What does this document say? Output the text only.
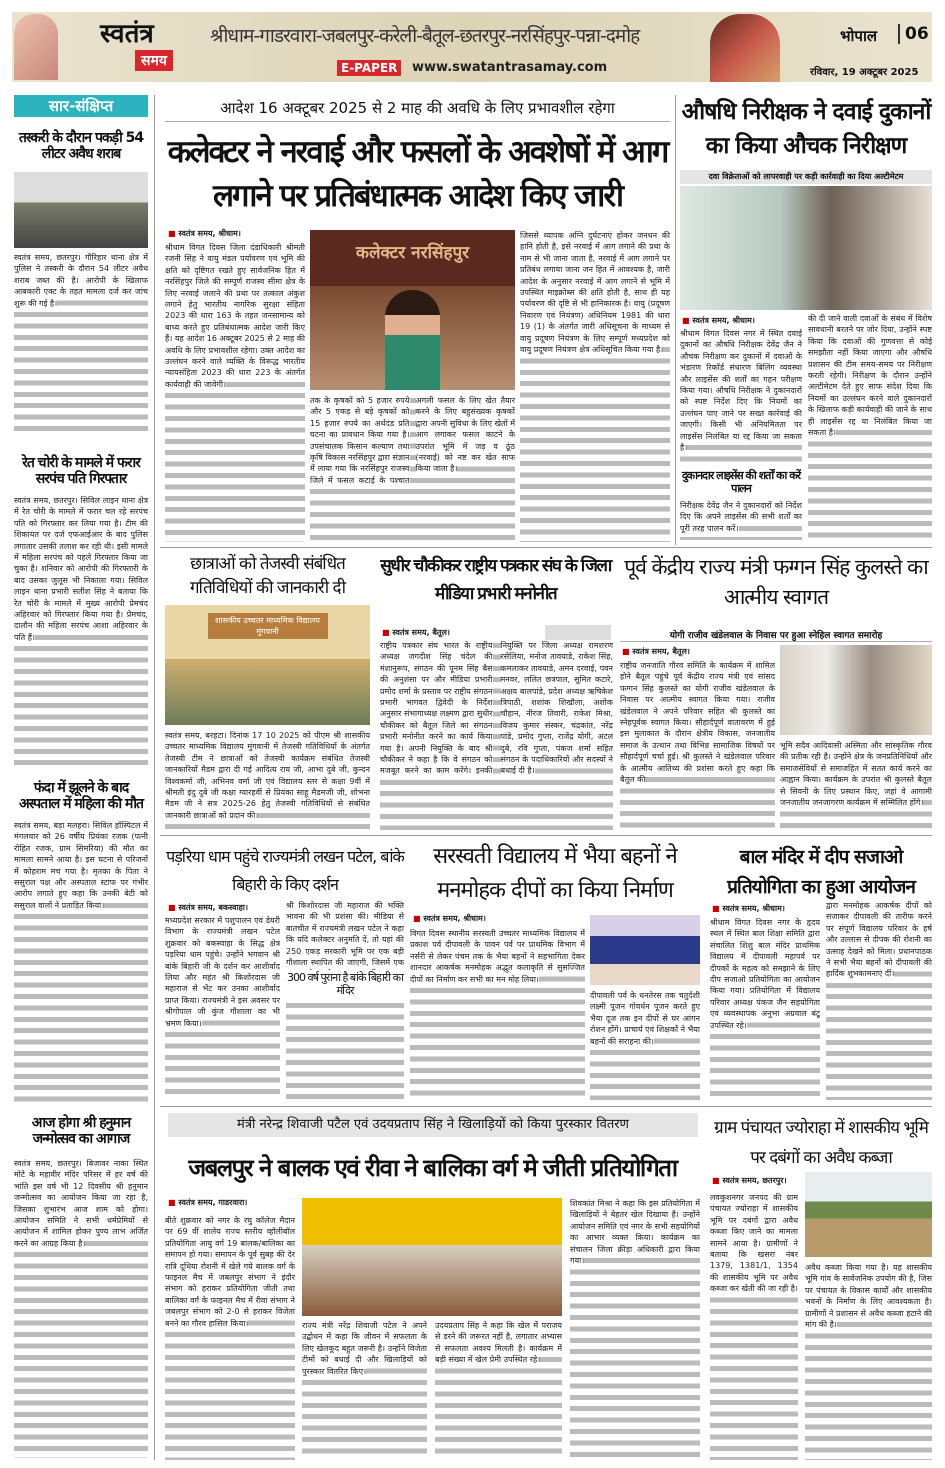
स्वतंत्र
समय
श्रीधाम-गाडरवारा-जबलपुर-करेली-बैतूल-छतरपुर-नरसिंहपुर-पन्ना-दमोह
E-PAPER	www.swatantrasamay.com
भोपाल	06
रविवार, 19 अक्टूबर 2025
सार-संक्षिप्त
तस्करी के दौरान पकड़ी 54 लीटर अवैध शराब
स्वतंत्र समय, छतरपुर। गौरिहार थाना क्षेत्र में पुलिस ने तस्करी के दौरान 54 लीटर अवैध शराब जब्त की है। आरोपी के खिलाफ आबकारी एक्ट के तहत मामला दर्ज कर जांच शुरू की गई है।
रेत चोरी के मामले में फरार सरपंच पति गिरफ्तार
स्वतंत्र समय, छतरपुर। सिविल लाइन थाना क्षेत्र में रेत चोरी के मामले में फरार चल रहे सरपंच पति को गिरफ्तार कर लिया गया है। टीम की शिकायत पर दर्ज एफआईआर के बाद पुलिस लगातार उसकी तलाश कर रही थी। इसी मामले में महिला सरपंच को पहले गिरफ्तार किया जा चुका है। शनिवार को आरोपी की गिरफ्तारी के बाद उसका जुलूस भी निकाला गया। सिविल लाइन थाना प्रभारी सतीश सिंह ने बताया कि रेत चोरी के मामले में मुख्य आरोपी प्रेमचंद अहिरवार को गिरफ्तार किया गया है। प्रेमचंद, दालौन की महिला सरपंच आशा अहिरवार के पति हैं।
फंदा में झूलने के बाद अस्पताल में महिला की मौत
स्वतंत्र समय, बड़ा मलहरा। सिविल हॉस्पिटल में मंगलवार को 26 वर्षीय प्रियंका रजक (पत्नी रोहित रजक, ग्राम सिमरिया) की मौत का मामला सामने आया है। इस घटना से परिजनों में कोहराम मच गया है। मृतका के पिता ने ससुराल पक्ष और अस्पताल स्टाफ पर गंभीर आरोप लगाते हुए कहा कि उनकी बेटी को ससुराल वालों ने प्रताड़ित किया।
आज होगा श्री हनुमान जन्मोत्सव का आगाज
स्वतंत्र समय, छतरपुर। बिजावर नाका स्थित मोटे के महावीर मंदिर परिसर में हर वर्ष की भांति इस वर्ष भी 12 दिवसीय श्री हनुमान जन्मोत्सव का आयोजन किया जा रहा है, जिसका शुभारंभ आज शाम को होगा। आयोजन समिति ने सभी धर्मप्रेमियों से आयोजन में शामिल होकर पुण्य लाभ अर्जित करने का आग्रह किया है।
आदेश 16 अक्टूबर 2025 से 2 माह की अवधि के लिए प्रभावशील रहेगा
कलेक्टर ने नरवाई और फसलों के अवशेषों में आग लगाने पर प्रतिबंधात्मक आदेश किए जारी
■ स्वतंत्र समय, श्रीधाम।
श्रीधाम विगत दिवस जिला दंडाधिकारी श्रीमती रजनी सिंह ने वायु मंडल पर्यावरण एवं भूमि की क्षति को दृष्टिगत रखते हुए सार्वजनिक हित में नरसिंहपुर जिले की सम्पूर्ण राजस्व सीमा क्षेत्र के लिए नरवाई जलाने की प्रथा पर तत्काल अंकुश लगाने हेतु भारतीय नागरिक सुरक्षा संहिता 2023 की धारा 163 के तहत जनसामान्य को बाध्य करते हुए प्रतिबंधात्मक आदेश जारी किए हैं। यह आदेश 16 अक्टूबर 2025 से 2 माह की अवधि के लिए प्रभावशील रहेगा। उक्त आदेश का उल्लंघन करने वाले व्यक्ति के विरूद्ध भारतीय न्यायसंहिता 2023 की धारा 223 के अंतर्गत कार्यवाही की जावेगी।
कलेक्टर नरसिंहपुर
तक के कृषकों को 5 हजार रुपये और 5 एकड़ से बड़े कृषकों को 15 हजार रुपये का अर्थदंड प्रति घटना का प्रावधान किया गया है। उपसंचालक किसान कल्याण तथा कृषि विकास नरसिंहपुर द्वारा संज्ञान में लाया गया कि नरसिंहपुर राजस्व जिले में फसल कटाई के पश्चात अगली फसल के लिए खेत तैयार करने के लिए बहुसंख्यक कृषकों द्वारा अपनी सुविधा के लिए खेतों में आग लगाकर फसल काटने के उपरांत भूमि में जड़ व ठूंठ (नरवाई) को नष्ट कर खेत साफ किया जाता है।
जिससे व्यापक अग्नि दुर्घटनाएं होकर जनधन की हानि होती है, इसे नरवाई में आग लगाने की प्रथा के नाम से भी जाना जाता है, नरवाई में आग लगाने पर प्रतिबंध लगाया जाना जन हित में आवश्यक है, जारी आदेश के अनुसार नरवाई में आग लगाने से भूमि में उपस्थित माइक्रोब्स की क्षति होती है, साथ ही यह पर्यावरण की दृष्टि से भी हानिकारक है। वायु (प्रदूषण निवारण एवं नियंत्रण) अधिनियम 1981 की धारा 19 (1) के अंतर्गत जारी अधिसूचना के माध्यम से वायु प्रदूषण नियंत्रण के लिए सम्पूर्ण मध्यप्रदेश को वायु प्रदूषण नियंत्रण क्षेत्र अधिसूचित किया गया है।
औषधि निरीक्षक ने दवाई दुकानों का किया औचक निरीक्षण
दवा विक्रेताओं को लापरवाही पर कड़ी कार्रवाही का दिया अल्टीमेटम
■ स्वतंत्र समय, श्रीधाम।
श्रीधाम विगत दिवस नगर में स्थित दवाई दुकानों का औषधि निरीक्षक देवेंद्र जैन ने औचक निरीक्षण कर दुकानों में दवाओं के भंडारण रिकॉर्ड संधारण बिलिंग व्यवस्था और लाइसेंस की शर्तों का गहन परीक्षण किया गया। औषधि निरीक्षक ने दुकानदारों को स्पष्ट निर्देश दिए कि नियमों का उल्लंघन पाए जाने पर सख्त कार्रवाई की जाएगी। किसी भी अनियमितता पर लाइसेंस निलंबित या रद्द किया जा सकता है।
दुकानदार लाइसेंस की शर्तों का करें पालन
निरीक्षक देवेंद्र जैन ने दुकानदारों को निर्देश दिए कि अपने लाइसेंस की सभी शर्तों का पूरी तरह पालन करें।
की दी जाने वाली दवाओं के संबंध में विशेष सावधानी बरतने पर जोर दिया, उन्होंने स्पष्ट किया कि दवाओं की गुणवत्ता से कोई समझौता नहीं किया जाएगा और औषधि प्रशासन की टीम समय-समय पर निरीक्षण करती रहेगी। निरीक्षण के दौरान उन्होंने अल्टीमेटम देते हुए साफ संदेश दिया कि नियमों का उल्लंघन करने वाले दुकानदारों के खिलाफ कड़ी कार्यवाही की जाने के साथ ही लाइसेंस रद्द या निलंबित किया जा सकता है।
छात्राओं को तेजस्वी संबंधित गतिविधियों की जानकारी दी
शासकीय उच्चतर माध्यमिक विद्यालय मुंगवानी
स्वतंत्र समय, बरहटा। दिनांक 17 10 2025 को पीएम श्री शासकीय उच्चतर माध्यमिक विद्यालय मुंगवानी में तेजस्वी गतिविधियों के अंतर्गत तेजस्वी टीम ने छात्राओं को तेजस्वी कार्यक्रम संबंधित तेजस्वी जानकारियों मैडम द्वारा दी गई आदित्य राय जी, आभा दुबे जी, कुन्दन विश्वकर्मा जी, अभिनव वर्मा जी एवं विद्यालय स्तर से कक्षा 9वीं में श्रीमती इंदु दुबे जी कक्षा ग्यारहवीं से प्रियंका साहू मैडमजी जी, शोभना मैडम जी ने सत्र 2025-26 हेतु तेजस्वी गतिविधियों से संबंधित जानकारी छात्राओं को प्रदान की।
सुधीर चौकीकर राष्ट्रीय पत्रकार संघ के जिला मीडिया प्रभारी मनोनीत
■ स्वतंत्र समय, बैतूल।
राष्ट्रीय पत्रकार संघ भारत के राष्ट्रीय अध्यक्ष जगदीश सिंह चंदेल की मंशानुरूप, संगठन की पूनम सिंह बैस की अनुशंसा पर और मीडिया प्रभारी प्रमोद शर्मा के प्रस्ताव पर राष्ट्रीय संगठन प्रभारी भागवत द्विवेदी के निर्देश अनुसार संभागाध्यक्ष लक्ष्मण द्वारा सुधीर चौकीकर को बैतूल जिले का संगठन प्रभारी मनोनीत करने का कार्य किया गया है। अपनी नियुक्ति के बाद श्री चौकीकर ने कहा है कि वे संगठन को मजबूत करने का काम करेंगे। इनकी नियुक्ति पर जिला अध्यक्ष रामशरण रसेलिया, मनोज तावयाडे, राकेश सिंह, कमलाकर तावयाडे, अमन दरवाई, पवन मनवर, ललित छत्रपाल, सुमित कटारे, अक्षय बालपांडे, प्रदेश अध्यक्ष ऋषिकेश त्रिपाठी, शशांक शिखौला, अशोक चौहान, नीरज तिवारी, राकेश मिश्रा, विजय कुमार संस्कर, चंद्रकांत, नरेंद्र पांडे, प्रमोद गुप्ता, राजेंद्र योगी, अटल दुबे, रवि गुप्ता, पंकज शर्मा सहित संगठन के पदाधिकारियों और सदस्यों ने बधाई दी है।
पूर्व केंद्रीय राज्य मंत्री फग्गन सिंह कुलस्ते का आत्मीय स्वागत
योगी राजीव खंडेलवाल के निवास पर हुआ स्नेहिल स्वागत समारोह
■ स्वतंत्र समय, बैतूल।
राष्ट्रीय जनजाति गौरव समिति के कार्यक्रम में शामिल होने बैतूल पहुंचे पूर्व केंद्रीय राज्य मंत्री एवं सांसद फग्गन सिंह कुलस्ते का योगी राजीव खंडेलवाल के निवास पर आत्मीय स्वागत किया गया। राजीव खंडेलवाल ने अपने परिवार सहित श्री कुलस्ते का स्नेहपूर्वक स्वागत किया। सौहार्दपूर्ण वातावरण में हुई इस मुलाकात के दौरान क्षेत्रीय विकास, जनजातीय समाज के उत्थान तथा विभिन्न सामाजिक विषयों पर सौहार्दपूर्ण चर्चा हुई। श्री कुलस्ते ने खंडेलवाल परिवार के आत्मीय आतिथ्य की प्रशंसा करते हुए कहा कि बैतूल की
भूमि सदैव आदिवासी अस्मिता और सांस्कृतिक गौरव की प्रतीक रही है। उन्होंने क्षेत्र के जनप्रतिनिधियों और समाजसेवियों से समाजहित में सतत कार्य करने का आह्वान किया। कार्यक्रम के उपरांत श्री कुलस्ते बैतूल से सिवनी के लिए प्रस्थान किए, जहां वे आगामी जनजातीय जनजागरण कार्यक्रम में सम्मिलित होंगे।
पड़रिया धाम पहुंचे राज्यमंत्री लखन पटेल, बांके बिहारी के किए दर्शन
■ स्वतंत्र समय, बकस्वाहा।
मध्यप्रदेश सरकार में पशुपालन एवं डेयरी विभाग के राज्यमंत्री लखन पटेल शुक्रवार को बकस्वाहा के सिद्ध क्षेत्र पड़रिया धाम पहुंचे। उन्होंने भगवान श्री बांके बिहारी जी के दर्शन कर आशीर्वाद लिया और महंत श्री किशोरदास जी महाराज से भेंट कर उनका आशीर्वाद प्राप्त किया। राज्यमंत्री ने इस अवसर पर श्रीगोपाल जी कुंज गौशाला का भी भ्रमण किया।
श्री किशोरदास जी महाराज की भक्ति भावना की भी प्रशंसा की। मीडिया से बातचीत में राज्यमंत्री लखन पटेल ने कहा कि यदि कलेक्टर अनुमति दें, तो यहां की 250 एकड़ सरकारी भूमि पर एक बड़ी गौशाला स्थापित की जाएगी, जिसमें एक
300 वर्ष पुराना है बांके बिहारी का मंदिर
सरस्वती विद्यालय में भैया बहनों ने मनमोहक दीपों का किया निर्माण
■ स्वतंत्र समय, श्रीधाम।
विगत दिवस स्थानीय सरस्वती उच्चतर माध्यमिक विद्यालय में प्रकाश पर्व दीपावली के पावन पर्व पर प्राथमिक विभाग में नर्सरी से लेकर पंचम तक के भैया बहनों ने सहभागिता देकर शानदार आकर्षक मनमोहक अद्भुत कलाकृति से सुसज्जित दीपों का निर्माण कर सभी का मन मोह लिया।
दीपावली पर्व के धनतेरस तक चतुर्दशी लक्ष्मी पूजन गोवर्धन पूजन करते हुए भैया दूज तक इन दीपों से घर आंगन रोशन होंगे। प्राचार्य एवं शिक्षकों ने भैया बहनों की सराहना की।
बाल मंदिर में दीप सजाओ प्रतियोगिता का हुआ आयोजन
■ स्वतंत्र समय, श्रीधाम।
श्रीधाम विगत दिवस नगर के हृदय स्थल में स्थित बाल शिक्षा समिति द्वारा संचालित शिशु बाल मंदिर प्राथमिक विद्यालय में दीपावली महापर्व पर दीपकों के महत्व को समझाने के लिए दीप सजाओ प्रतियोगिता का आयोजन किया गया। प्रतियोगिता में विद्यालय परिवार अध्यक्ष पंकज जैन सहयोगिता एवं व्यवस्थापक अनुभा अग्रवाल बंटू उपस्थित रहे।
द्वारा मनमोहक आकर्षक दीपों को सजाकर दीपावली की तारीफ करने पर संपूर्ण विद्यालय परिवार के हर्ष और उल्लास से दीपक की रोशनी का उत्साह देखने को मिला। प्रधानपाठक ने सभी भैया बहनों को दीपावली की हार्दिक शुभकामनाएं दीं।
मंत्री नरेन्द्र शिवाजी पटैल एवं उदयप्रताप सिंह ने खिलाड़ियों को किया पुरस्कार वितरण
जबलपुर ने बालक एवं रीवा ने बालिका वर्ग मे जीती प्रतियोगिता
■ स्वतंत्र समय, गाडरवारा।
बीते शुक्रवार को नगर के रघु कॉलेज मैदान पर 69 वीं शालेय राज्य स्तरीय व्हॉलीबॉल प्रतियोगिता आयु वर्ग 19 बालक/बालिका का समापन हो गया। समापन के पूर्व सुबह की देर रात्रि दूधिया रोशनी में खेले गये बालक वर्ग के फाइनल मैच में जबलपुर संभाग ने इंदौर संभाग को हराकर प्रतियोगिता जीती तथा बालिका वर्ग के फाइनल मैच में रीवा संभाग ने जबलपुर संभाग को 2-0 से हराकर विजेता बनने का गौरव हासिल किया।	राज्य मंत्री नरेंद्र शिवाजी पटेल ने अपने उद्बोधन में कहा कि जीवन में सफलता के लिए खेलकूद बहुत जरूरी है। उन्होंने विजेता टीमों को बधाई दी और खिलाड़ियों को पुरस्कार वितरित किए।
उदयप्रताप सिंह ने कहा कि खेल में पराजय से डरने की जरूरत नहीं है, लगातार अभ्यास से सफलता अवश्य मिलती है। कार्यक्रम में बड़ी संख्या में खेल प्रेमी उपस्थित रहे।
शिवकांत मिश्रा ने कहा कि इस प्रतियोगिता में खिलाड़ियों ने बेहतर खेल दिखाया है। उन्होंने आयोजन समिति एवं नगर के सभी सहयोगियों का आभार व्यक्त किया। कार्यक्रम का संचालन जिला क्रीड़ा अधिकारी द्वारा किया गया।
ग्राम पंचायत ज्योराहा में शासकीय भूमि पर दबंगों का अवैध कब्जा
■ स्वतंत्र समय, छतरपुर।
लवकुशनगर जनपद की ग्राम पंचायत ज्योराहा में शासकीय भूमि पर दबंगों द्वारा अवैध कब्जा किए जाने का मामला सामने आया है। ग्रामीणों ने बताया कि खसरा नंबर 1379, 1381/1, 1354 की शासकीय भूमि पर अवैध कब्जा कर खेती की जा रही है।
अवैध कब्जा किया गया है। यह शासकीय भूमि गांव के सार्वजनिक उपयोग की है, जिस पर पंचायत के विकास कार्यों और शासकीय भवनों के निर्माण के लिए आवश्यकता है। ग्रामीणों ने प्रशासन से अवैध कब्जा हटाने की मांग की है।
